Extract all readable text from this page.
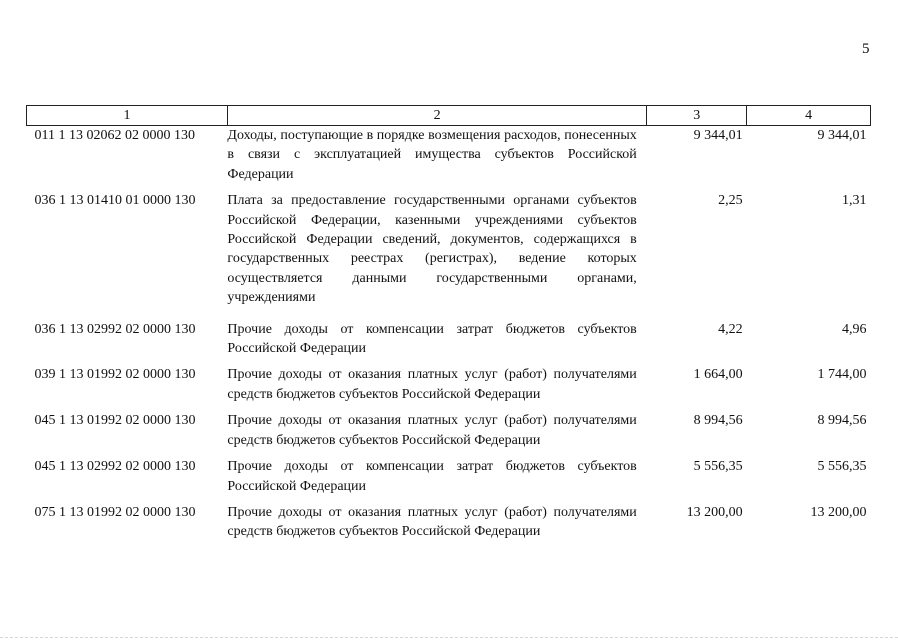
5
1	2	3	4
011 1 13 02062 02 0000 130	Доходы, поступающие в порядке возмещения расходов, понесенных в связи с эксплуатацией имущества субъектов Российской Федерации	9 344,01	9 344,01
036 1 13 01410 01 0000 130	Плата за предоставление государственными органами субъектов Российской Федерации, казенными учреждениями субъектов Российской Федерации сведений, документов, содержащихся в государственных реестрах (регистрах), ведение которых осуществляется данными государственными органами, учреждениями	2,25	1,31
036 1 13 02992 02 0000 130	Прочие доходы от компенсации затрат бюджетов субъектов Российской Федерации	4,22	4,96
039 1 13 01992 02 0000 130	Прочие доходы от оказания платных услуг (работ) получателями средств бюджетов субъектов Российской Федерации	1 664,00	1 744,00
045 1 13 01992 02 0000 130	Прочие доходы от оказания платных услуг (работ) получателями средств бюджетов субъектов Российской Федерации	8 994,56	8 994,56
045 1 13 02992 02 0000 130	Прочие доходы от компенсации затрат бюджетов субъектов Российской Федерации	5 556,35	5 556,35
075 1 13 01992 02 0000 130	Прочие доходы от оказания платных услуг (работ) получателями средств бюджетов субъектов Российской Федерации	13 200,00	13 200,00
